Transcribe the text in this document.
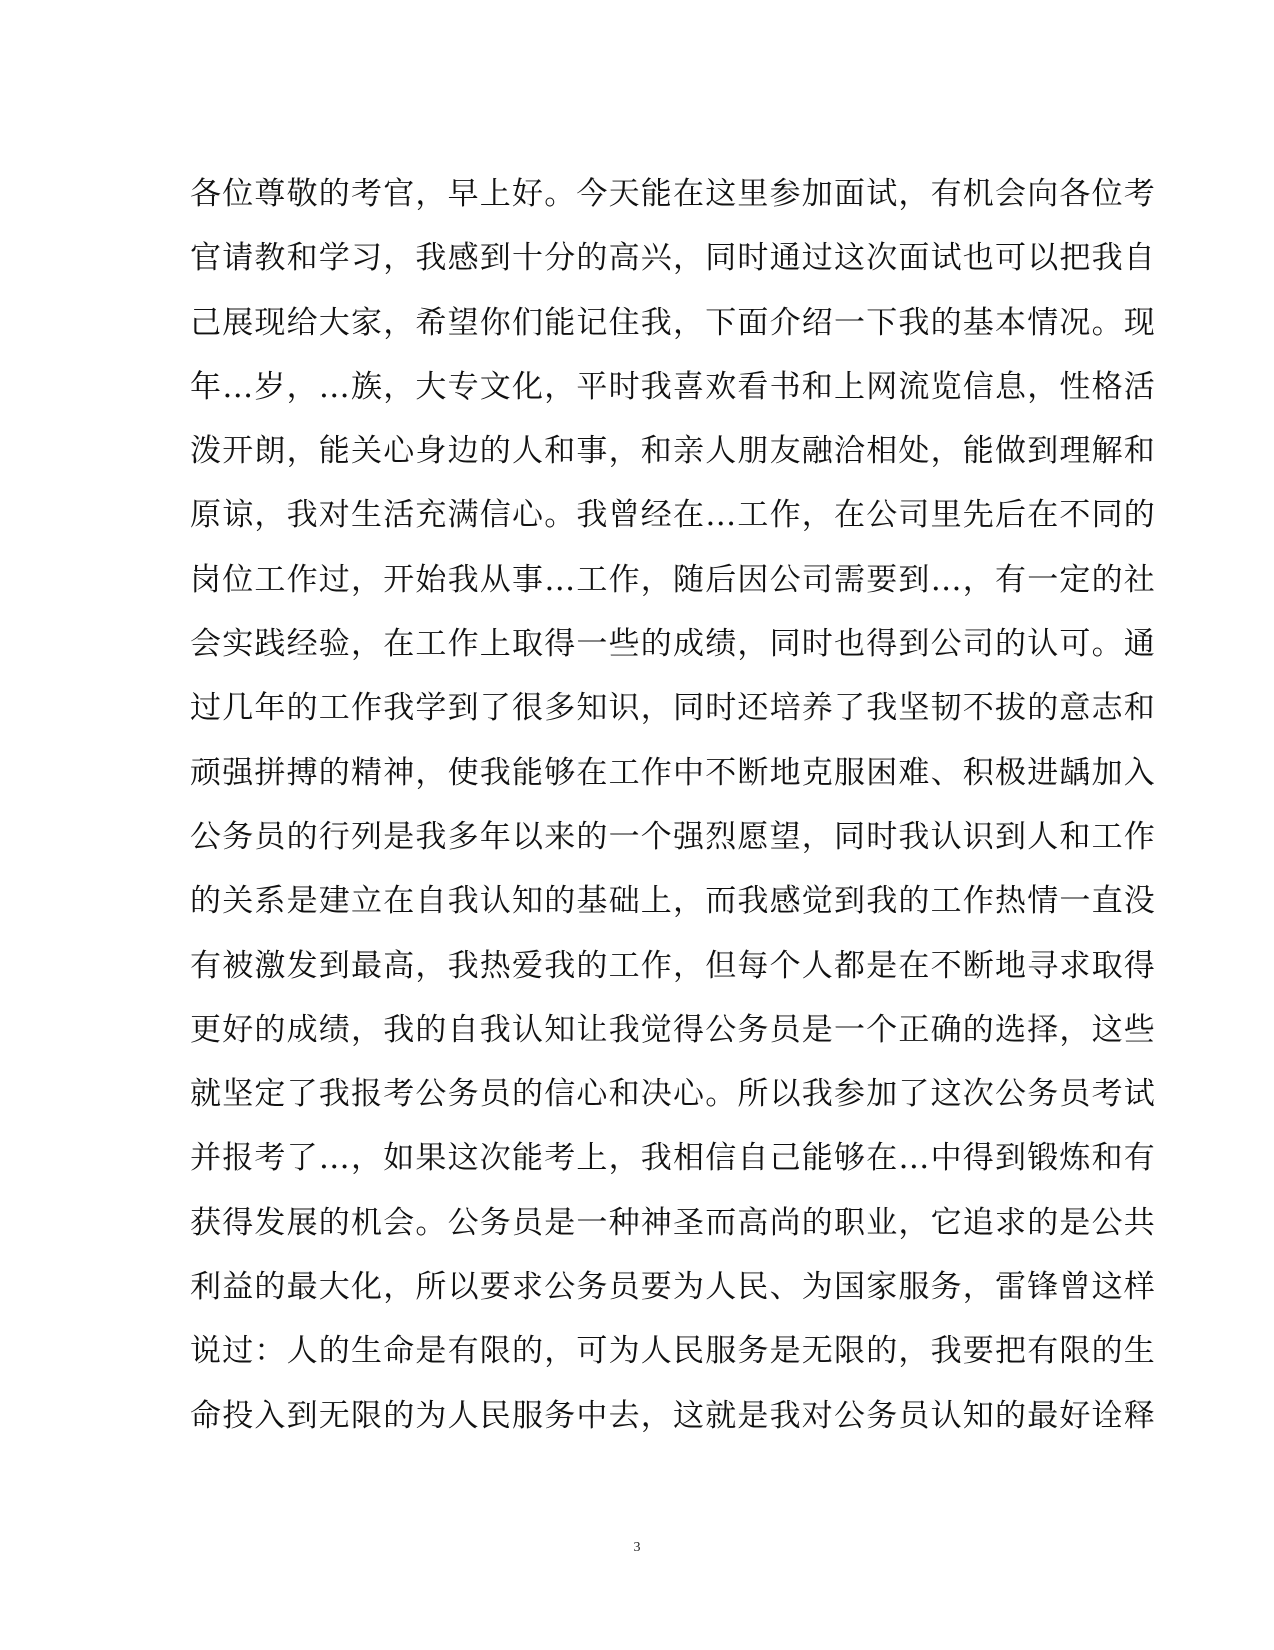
各位尊敬的考官，早上好。今天能在这里参加面试，有机会向各位考
官请教和学习，我感到十分的高兴，同时通过这次面试也可以把我自
己展现给大家，希望你们能记住我，下面介绍一下我的基本情况。现
年…岁，…族，大专文化，平时我喜欢看书和上网流览信息，性格活
泼开朗，能关心身边的人和事，和亲人朋友融洽相处，能做到理解和
原谅，我对生活充满信心。我曾经在…工作，在公司里先后在不同的
岗位工作过，开始我从事…工作，随后因公司需要到…，有一定的社
会实践经验，在工作上取得一些的成绩，同时也得到公司的认可。通
过几年的工作我学到了很多知识，同时还培养了我坚韧不拔的意志和
顽强拼搏的精神，使我能够在工作中不断地克服困难、积极进龋加入
公务员的行列是我多年以来的一个强烈愿望，同时我认识到人和工作
的关系是建立在自我认知的基础上，而我感觉到我的工作热情一直没
有被激发到最高，我热爱我的工作，但每个人都是在不断地寻求取得
更好的成绩，我的自我认知让我觉得公务员是一个正确的选择，这些
就坚定了我报考公务员的信心和决心。所以我参加了这次公务员考试
并报考了…，如果这次能考上，我相信自己能够在…中得到锻炼和有
获得发展的机会。公务员是一种神圣而高尚的职业，它追求的是公共
利益的最大化，所以要求公务员要为人民、为国家服务，雷锋曾这样
说过：人的生命是有限的，可为人民服务是无限的，我要把有限的生
命投入到无限的为人民服务中去，这就是我对公务员认知的最好诠释
3
